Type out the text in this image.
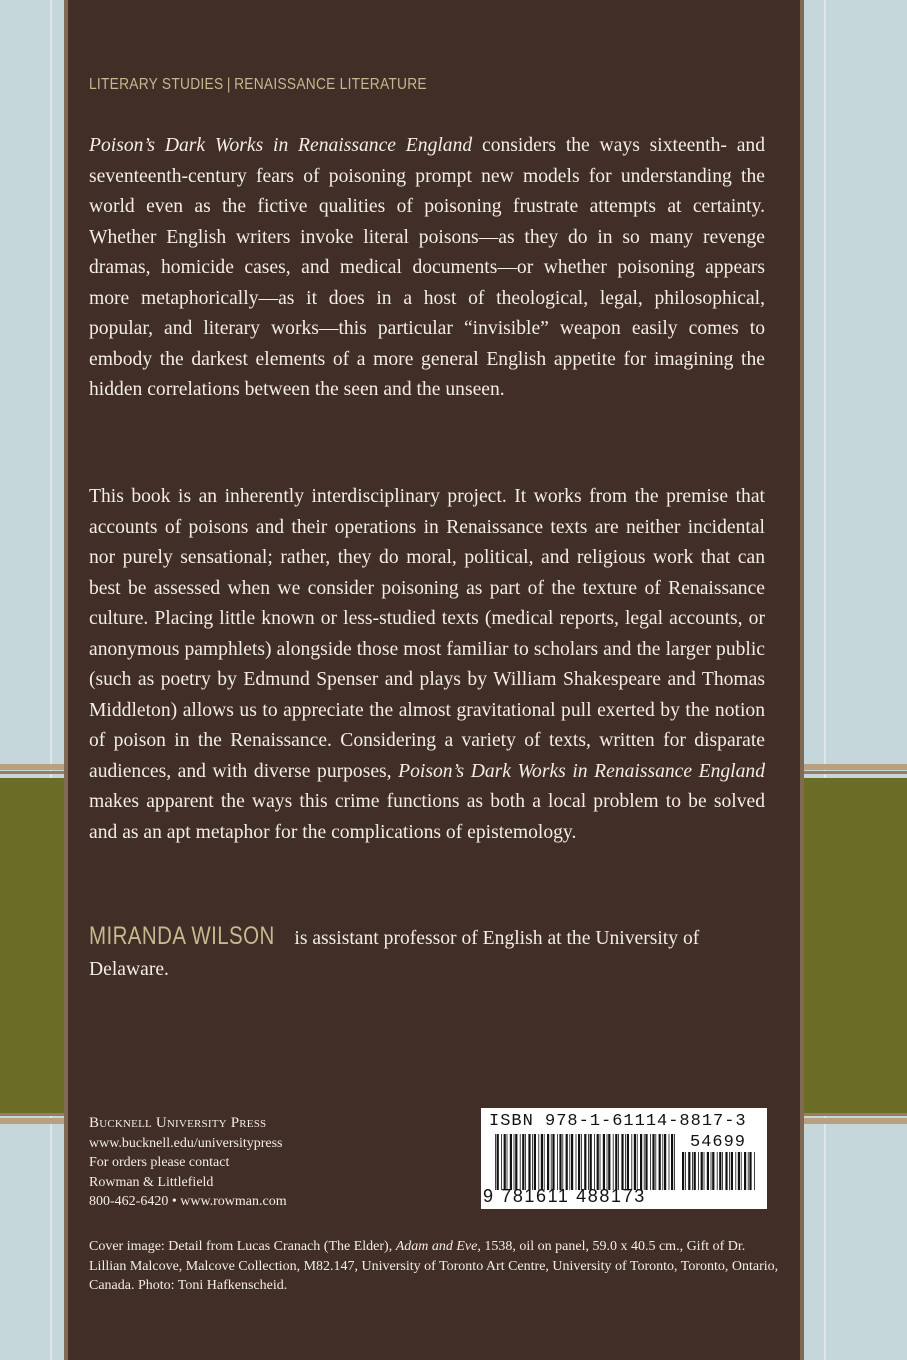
LITERARY STUDIES | RENAISSANCE LITERATURE

Poison’s Dark Works in Renaissance England considers the ways sixteenth- and seventeenth-century fears of poisoning prompt new models for understanding the world even as the fictive qualities of poisoning frustrate attempts at certainty. Whether English writers invoke literal poisons—as they do in so many revenge dramas, homicide cases, and medical documents—or whether poisoning appears more metaphorically—as it does in a host of theological, legal, philosophical, popular, and literary works—this particular “invisible” weapon easily comes to embody the darkest elements of a more general English appetite for imagining the hidden correlations between the seen and the unseen.

This book is an inherently interdisciplinary project. It works from the premise that accounts of poisons and their operations in Renaissance texts are neither incidental nor purely sensational; rather, they do moral, political, and religious work that can best be assessed when we consider poisoning as part of the texture of Renaissance culture. Placing little known or less-studied texts (medical reports, legal accounts, or anonymous pamphlets) alongside those most familiar to scholars and the larger public (such as poetry by Edmund Spenser and plays by William Shakespeare and Thomas Middleton) allows us to appreciate the almost gravitational pull exerted by the notion of poison in the Renaissance. Considering a variety of texts, written for disparate audiences, and with diverse purposes, Poison’s Dark Works in Renaissance England makes apparent the ways this crime functions as both a local problem to be solved and as an apt metaphor for the complications of epistemology.

MIRANDA WILSON is assistant professor of English at the University of Delaware.

Bucknell University Press
www.bucknell.edu/universitypress
For orders please contact
Rowman & Littlefield
800-462-6420 • www.rowman.com
ISBN 978-1-61114-8817-3
54699
9 781611 488173

Cover image: Detail from Lucas Cranach (The Elder), Adam and Eve, 1538, oil on panel, 59.0 x 40.5 cm., Gift of Dr. Lillian Malcove, Malcove Collection, M82.147, University of Toronto Art Centre, University of Toronto, Toronto, Ontario, Canada. Photo: Toni Hafkenscheid.
